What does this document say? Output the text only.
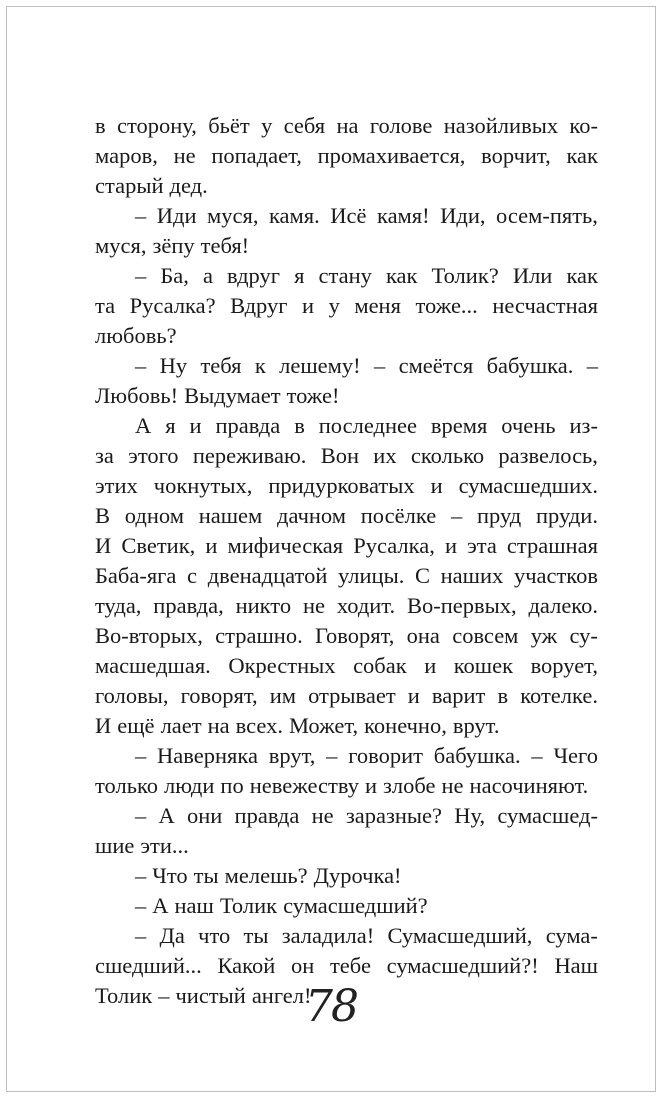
в сторону, бьёт у себя на голове назойливых ко-
маров, не попадает, промахивается, ворчит, как
старый дед.
– Иди муся, камя. Исё камя! Иди, осем-пять,
муся, зёпу тебя!
– Ба, а вдруг я стану как Толик? Или как
та Русалка? Вдруг и у меня тоже... несчастная
любовь?
– Ну тебя к лешему! – смеётся бабушка. –
Любовь! Выдумает тоже!
А я и правда в последнее время очень из-
за этого переживаю. Вон их сколько развелось,
этих чокнутых, придурковатых и сумасшедших.
В одном нашем дачном посёлке – пруд пруди.
И Светик, и мифическая Русалка, и эта страшная
Баба-яга с двенадцатой улицы. С наших участков
туда, правда, никто не ходит. Во-первых, далеко.
Во-вторых, страшно. Говорят, она совсем уж су-
масшедшая. Окрестных собак и кошек ворует,
головы, говорят, им отрывает и варит в котелке.
И ещё лает на всех. Может, конечно, врут.
– Наверняка врут, – говорит бабушка. – Чего
только люди по невежеству и злобе не насочиняют.
– А они правда не заразные? Ну, сумасшед-
шие эти...
– Что ты мелешь? Дурочка!
– А наш Толик сумасшедший?
– Да что ты заладила! Сумасшедший, сума-
сшедший... Какой он тебе сумасшедший?! Наш
Толик – чистый ангел!
78
